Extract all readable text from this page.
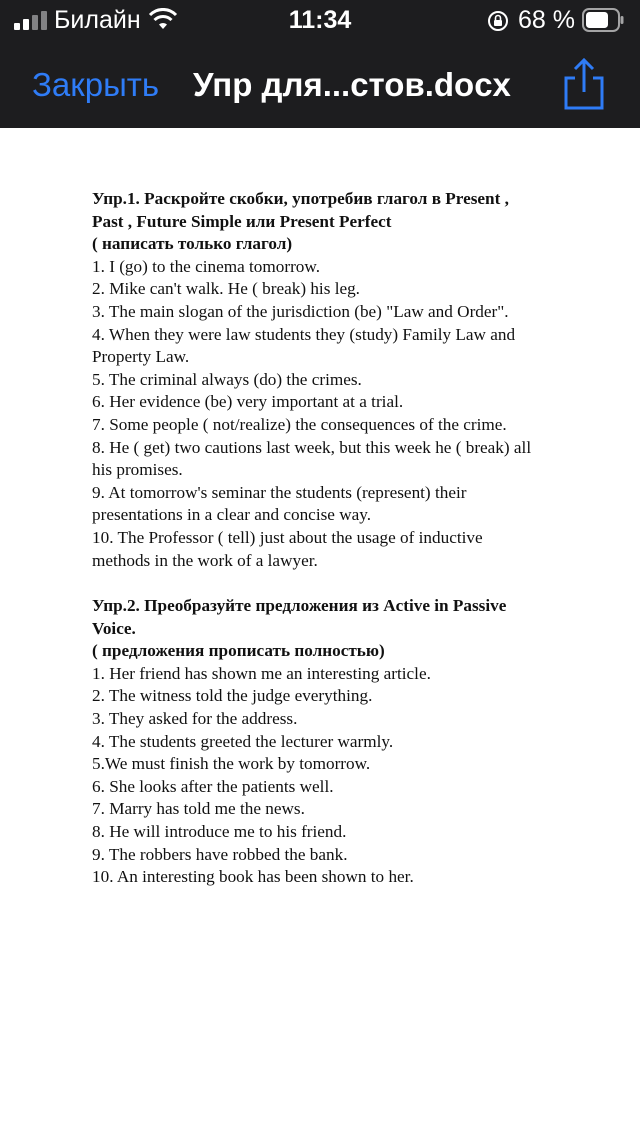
Билайн	11:34	68 %
Закрыть Упр для...стов.docx

Упр.1. Раскройте скобки, употребив глагол в Present ,

Past , Future Simple или Present Perfect

( написать только глагол)

1. I (go) to the cinema tomorrow.

2. Mike can't walk. He ( break) his leg.

3. The main slogan of the jurisdiction (be) "Law and Order".

4. When they were law students they (study) Family Law and

Property Law.

5. The criminal always (do) the crimes.

6. Her evidence (be) very important at a trial.

7. Some people ( not/realize) the consequences of the crime.

8. He ( get) two cautions last week, but this week he ( break) all

his promises.

9. At tomorrow's seminar the students (represent) their

presentations in a clear and concise way.

10. The Professor ( tell) just about the usage of inductive

methods in the work of a lawyer.

Упр.2. Преобразуйте предложения из Active in Passive

Voice.

( предложения прописать полностью)

1. Her friend has shown me an interesting article.

2. The witness told the judge everything.

3. They asked for the address.

4. The students greeted the lecturer warmly.

5.We must finish the work by tomorrow.

6. She looks after the patients well.

7. Marry has told me the news.

8. He will introduce me to his friend.

9. The robbers have robbed the bank.

10. An interesting book has been shown to her.
